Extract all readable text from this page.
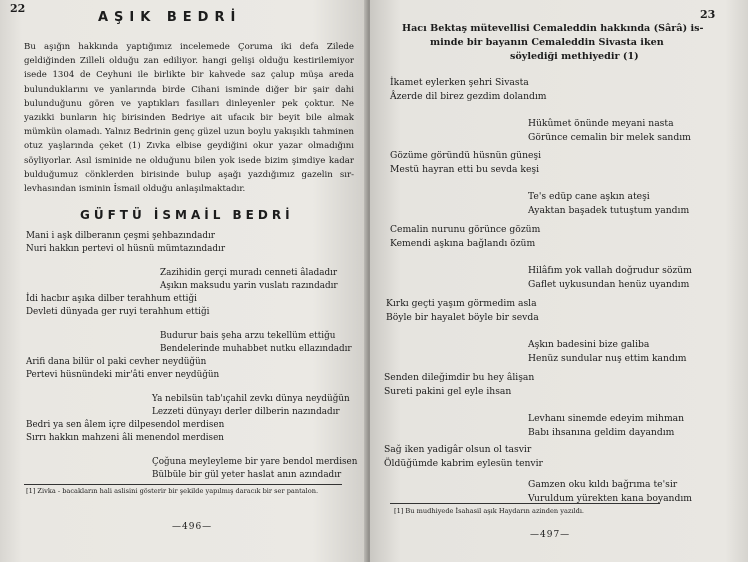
22
AŞIK BEDRİ

Bu aşığın hakkında yaptığımız incelemede Çoruma iki defa Zilede geldiğinden Zilleli olduğu zan ediliyor. hangi gelişi olduğu kestirilemiyor isede 1304 de Ceyhuni ile birlikte bir kahvede saz çalup müşa areda bulunduklarını ve yanlarında birde Cihani isminde diğer bir şair dahi bulunduğunu gören ve yaptıkları fasılları dinleyenler pek çoktur. Ne yazıkki bunların hiç birisinden Bedriye ait ufacık bir beyit bile almak mümkün olamadı. Yalnız Bedrinin genç güzel uzun boylu yakışıklı tahminen otuz yaşlarında çeket (1) Zıvka elbise geydiğini okur yazar olmadığını söyliyorlar. Asıl isminide ne olduğunu bilen yok isede bizim şimdiye kadar bulduğumuz cönklerden birisinde bulup aşağı yazdığımız gazelin sır-levhasından isminin İsmail olduğu anlaşılmaktadır.

GÜFTÜ İSMAİL BEDRİ
Mani i aşk dilberanın çeşmi şehbazındadır
Nuri hakkın pertevi ol hüsnü mümtazındadır
Zazihidin gerçi muradı cenneti âladadır
Aşıkın maksudu yarin vuslatı razındadır
İdi hacbır aşıka dilber terahhum ettiği
Devleti dünyada ger ruyi terahhum ettiği
Budurur bais şeha arzu tekellüm ettiğu
Bendelerinde muhabbet nutku ellazındadır
Arifi dana bilür ol paki cevher neydüğün
Pertevi hüsnündeki mir'âti enver neydüğün
Ya nebilsün tab'ıçahil zevkı dünya neydüğün
Lezzeti dünyayı derler dilberin nazındadır
Bedri ya sen âlem içre dilpesendol merdisen
Sırrı hakkın mahzeni âli menendol merdisen
Çoğuna meyleyleme bir yare bendol merdisen
Bülbüle bir gül yeter haslat anın azındadır
[1] Zivka - bacakların hali aslisini gösterir bir şekilde yapılmış daracık bir ser pantalon.
—496—
23
Hacı Bektaş mütevellisi Cemaleddin hakkında (Sârâ) is-
minde bir bayanın Cemaleddin Sivasta iken
söylediği methiyedir (1)
İkamet eylerken şehri Sivasta
Âzerde dil birez gezdim dolandım
Hükûmet önünde meyani nasta
Görünce cemalin bir melek sandım
Gözüme göründü hüsnün güneşi
Mestü hayran etti bu sevda keşi
Te's edüp cane aşkın ateşi
Ayaktan başadek tutuştum yandım
Cemalin nurunu görünce gözüm
Kemendi aşkına bağlandı özüm
Hilâfım yok vallah doğrudur sözüm
Gaflet uykusundan henüz uyandım
Kırkı geçti yaşım görmedim asla
Böyle bir hayalet böyle bir sevda
Aşkın badesini bize galiba
Henüz sundular nuş ettim kandım
Senden dileğimdir bu hey âlişan
Sureti pakini gel eyle ihsan
Levhanı sinemde edeyim mihman
Babı ihsanına geldim dayandım
Sağ iken yadigâr olsun ol tasvir
Öldüğümde kabrim eylesün tenvir
Gamzen oku kıldı bağrıma te'sir
Vuruldum yürekten kana boyandım
[1] Bu mudhiyede İsahasil aşık Haydarın azinden yazıldı.
—497—
